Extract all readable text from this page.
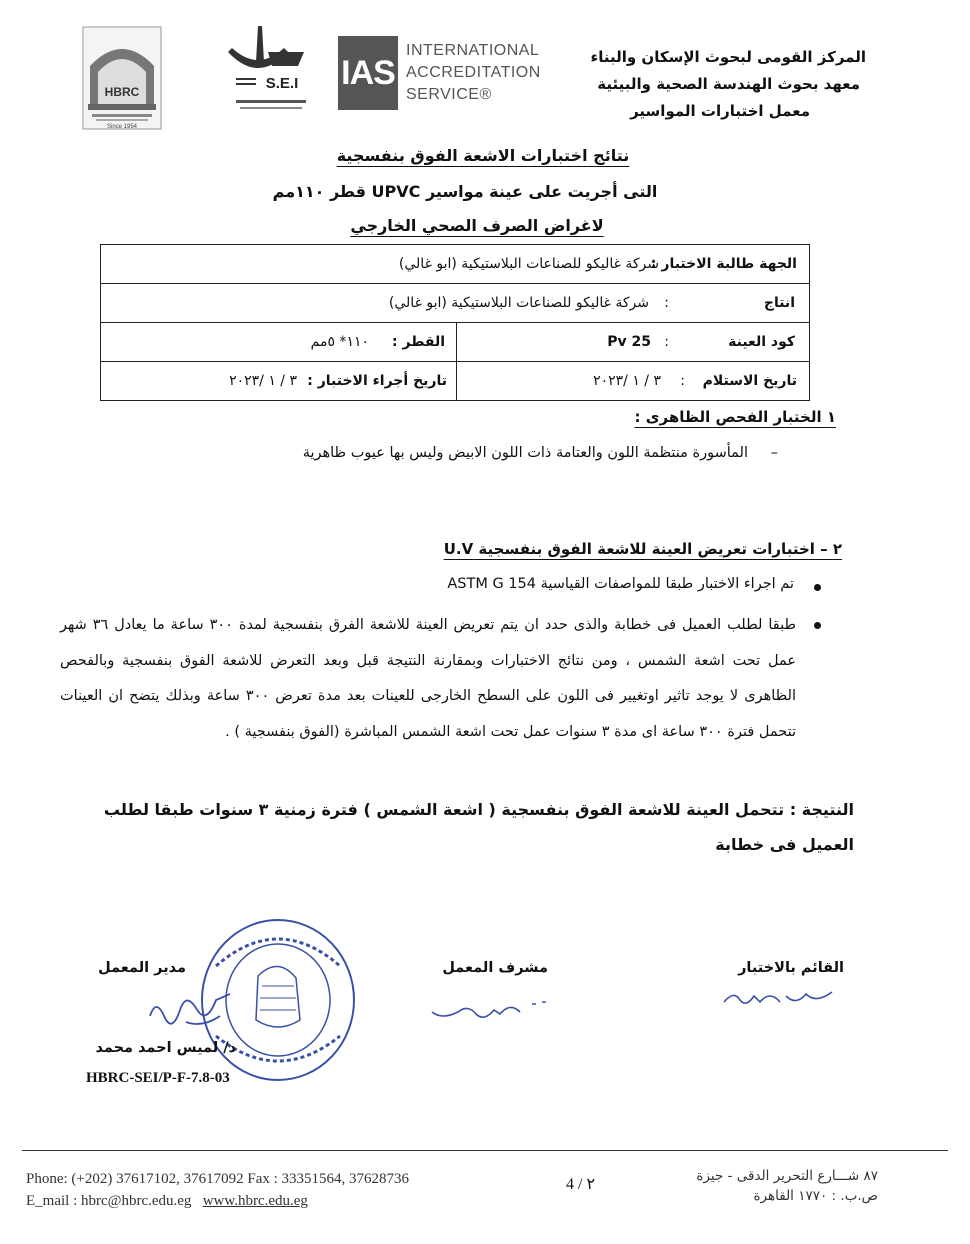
HBRC
Since 1954
S.E.I IAS
INTERNATIONAL
ACCREDITATION
SERVICE®
المركز القومى لبحوث الإسكان والبناء
معهد بحوث الهندسة الصحية والبيئية
معمل اختبارات المواسير
نتائج اختبارات الاشعة الفوق بنفسجية
التى أجريت على عينة مواسير UPVC قطر ١١٠مم
لاغراض الصرف الصحي الخارجي
الجهة طالبة الاختبار :
شركة غاليكو للصناعات البلاستيكية (ابو غالي)
انتاج
:
شركة غاليكو للصناعات البلاستيكية (ابو غالي)
كود العينة
:
Pv 25
القطر :
١١٠* ٥مم
تاريخ الاستلام
:
٣ / ١ /٢٠٢٣
تاريخ أجراء الاختبار :
٣ / ١ /٢٠٢٣
١ الختبار الفحص الظاهرى :
–
المأسورة منتظمة اللون والعتامة ذات اللون الابيض وليس بها عيوب ظاهرية
٢ – اختبارات تعريض العينة للاشعة الفوق بنفسجية U.V
تم اجراء الاختبار طبقا للمواصفات القياسية ASTM G 154
طبقا لطلب العميل فى خطابة والذى حدد ان يتم تعريض العينة للاشعة الفرق بنفسجية لمدة ٣٠٠ ساعة ما يعادل ٣٦ شهر عمل تحت اشعة الشمس ، ومن نتائج الاختبارات وبمقارنة النتيجة قبل وبعد التعرض للاشعة الفوق بنفسجية وبالفحص الظاهرى لا يوجد تاثير اوتغيير فى اللون على السطح الخارجى للعينات بعد مدة تعرض ٣٠٠ ساعة وبذلك يتضح ان العينات تتحمل فترة ٣٠٠ ساعة اى مدة ٣ سنوات عمل تحت اشعة الشمس المباشرة (الفوق بنفسجية ) .
النتيجة : تتحمل العينة للاشعة الفوق بنفسجية ( اشعة الشمس ) فترة زمنية ٣ سنوات طبقا لطلب العميل فى خطابة
القائم بالاختبار
مشرف المعمل
مدير المعمل
د/ لميس احمد محمد
HBRC-SEI/P-F-7.8-03
Phone: (+202) 37617102, 37617092 Fax : 33351564, 37628736
E_mail : hbrc@hbrc.edu.eg www.hbrc.edu.eg
4 / ٢	٨٧ شـــارع التحرير الدقى - جيزة
ص.ب. : ١٧٧٠ القاهرة
